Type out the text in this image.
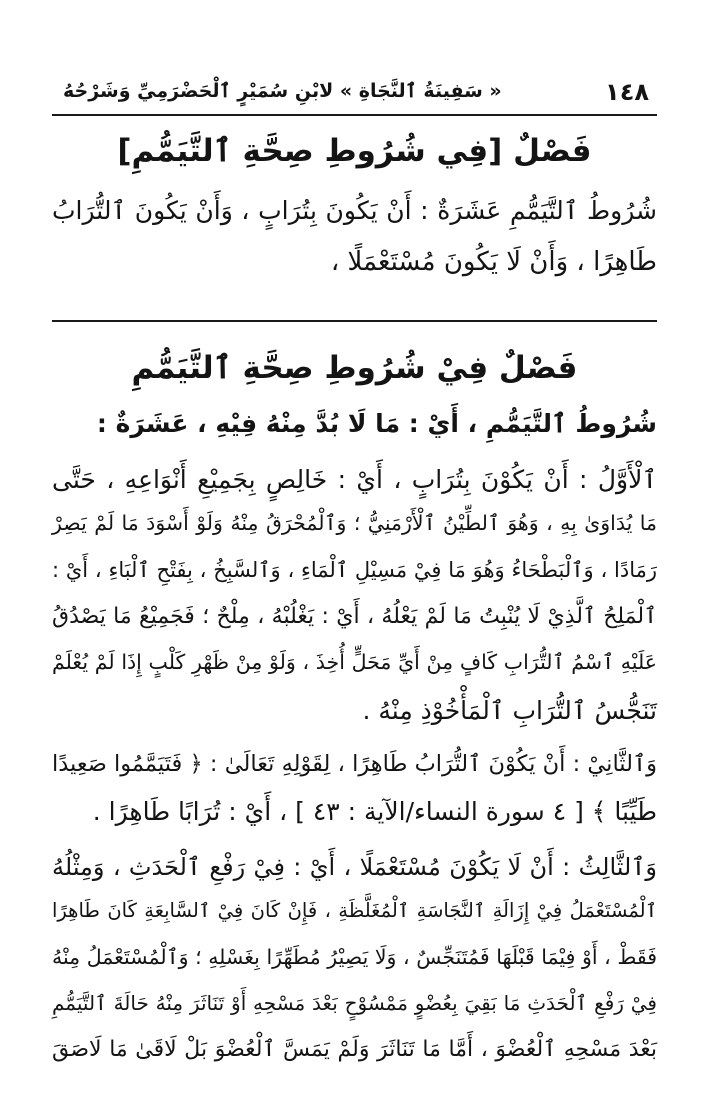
١٤٨
« سَفِينَةُ ٱلنَّجَاةِ » لابْنِ سُمَيْرٍ ٱلْحَضْرَمِيِّ وَشَرْحُهُ
فَصْلٌ [فِي شُرُوطِ صِحَّةِ ٱلتَّيَمُّمِ]
شُرُوطُ ٱلتَّيَمُّمِ عَشَرَةٌ : أَنْ يَكُونَ بِتُرَابٍ ، وَأَنْ يَكُونَ ٱلتُّرَابُ
طَاهِرًا ، وَأَنْ لَا يَكُونَ مُسْتَعْمَلًا ،
فَصْلٌ فِيْ شُرُوطِ صِحَّةِ ٱلتَّيَمُّمِ
شُرُوطُ ٱلتَّيَمُّمِ ، أَيْ : مَا لَا بُدَّ مِنْهُ فِيْهِ ، عَشَرَةٌ :
ٱلْأَوَّلُ : أَنْ يَكُوْنَ بِتُرَابٍ ، أَيْ : خَالِصٍ بِجَمِيْعِ أَنْوَاعِهِ ، حَتَّى
مَا يُدَاوَىٰ بِهِ ، وَهُوَ ٱلطِّيْنُ ٱلْأَرْمَنِيُّ ؛ وَٱلْمُحْرَقُ مِنْهُ وَلَوْ أَسْوَدَ مَا لَمْ يَصِرْ
رَمَادًا ، وَٱلْبَطْحَاءُ وَهُوَ مَا فِيْ مَسِيْلِ ٱلْمَاءِ ، وَٱلسَّبِخُ ، بِفَتْحِ ٱلْبَاءِ ، أَيْ :
ٱلْمَلِحُ ٱلَّذِيْ لَا يُنْبِتُ مَا لَمْ يَعْلُهُ ، أَيْ : يَغْلُبْهُ ، مِلْحٌ ؛ فَجَمِيْعُ مَا يَصْدُقُ
عَلَيْهِ ٱسْمُ ٱلتُّرَابِ كَافٍ مِنْ أَيِّ مَحَلٍّ أُخِذَ ، وَلَوْ مِنْ ظَهْرِ كَلْبٍ إِذَا لَمْ يُعْلَمْ
تَنَجُّسُ ٱلتُّرَابِ ٱلْمَأْخُوْذِ مِنْهُ .
وَٱلثَّانِيْ : أَنْ يَكُوْنَ ٱلتُّرَابُ طَاهِرًا ، لِقَوْلِهِ تَعَالَىٰ : ﴿ فَتَيَمَّمُوا صَعِيدًا
طَيِّبًا ﴾ [ ٤ سورة النساء/الآية : ٤٣ ] ، أَيْ : تُرَابًا طَاهِرًا .
وَٱلثَّالِثُ : أَنْ لَا يَكُوْنَ مُسْتَعْمَلًا ، أَيْ : فِيْ رَفْعِ ٱلْحَدَثِ ، وَمِثْلُهُ
ٱلْمُسْتَعْمَلُ فِيْ إِزَالَةِ ٱلنَّجَاسَةِ ٱلْمُغَلَّظَةِ ، فَإِنْ كَانَ فِيْ ٱلسَّابِعَةِ كَانَ طَاهِرًا
فَقَطْ ، أَوْ فِيْمَا قَبْلَهَا فَمُتَنَجِّسٌ ، وَلَا يَصِيْرُ مُطَهِّرًا بِغَسْلِهِ ؛ وَٱلْمُسْتَعْمَلُ مِنْهُ
فِيْ رَفْعِ ٱلْحَدَثِ مَا بَقِيَ بِعُضْوٍ مَمْسُوْحٍ بَعْدَ مَسْحِهِ أَوْ تَنَاثَرَ مِنْهُ حَالَةَ ٱلتَّيَمُّمِ
بَعْدَ مَسْحِهِ ٱلْعُضْوَ ، أَمَّا مَا تَنَاثَرَ وَلَمْ يَمَسَّ ٱلْعُضْوَ بَلْ لَاقَىٰ مَا لَاصَقَ
